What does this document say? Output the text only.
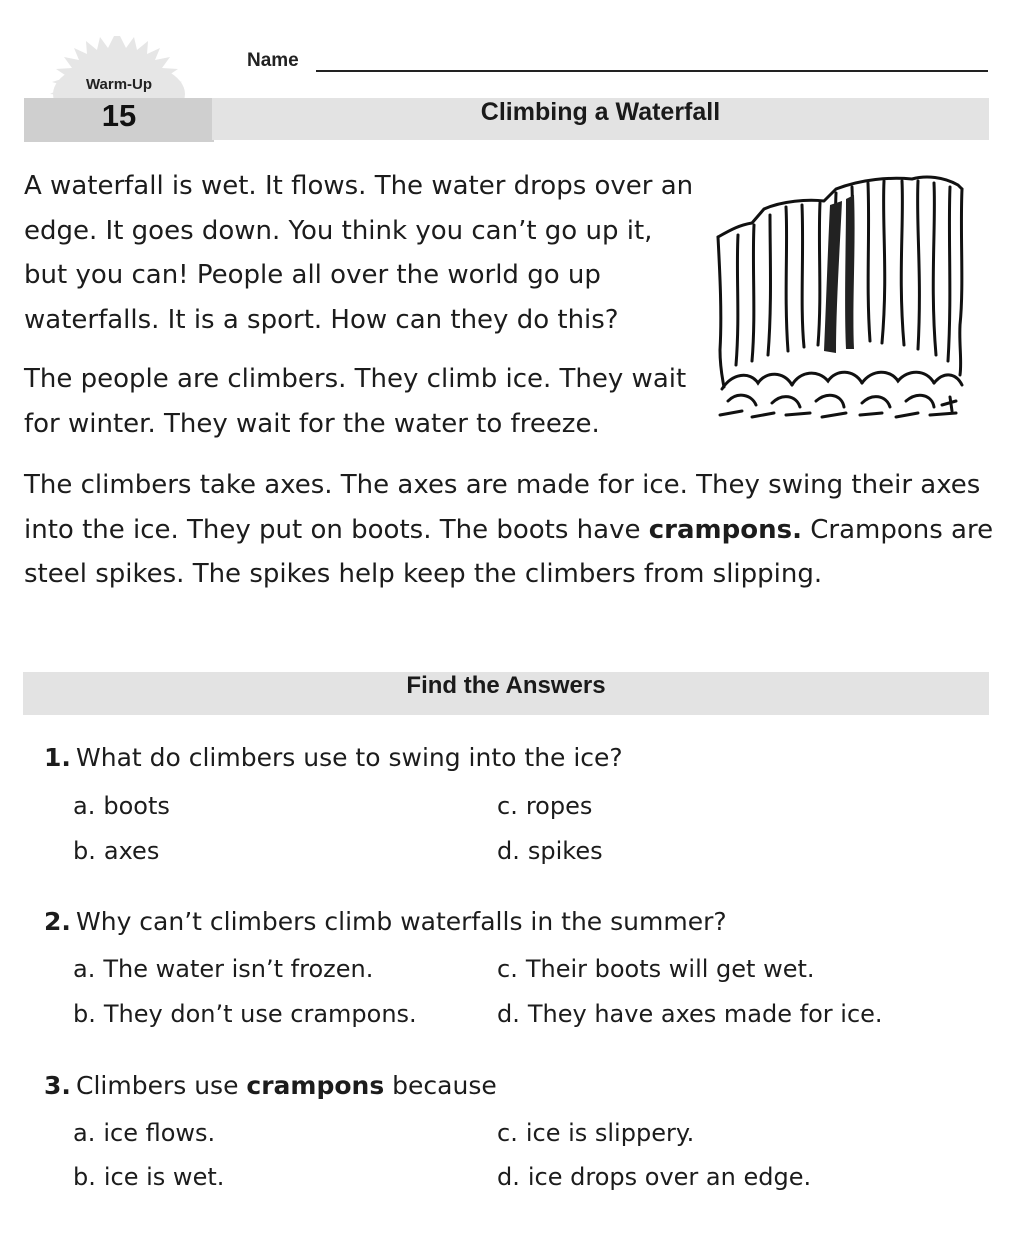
Warm-Up
15
Name
Climbing a Waterfall
A waterfall is wet. It flows. The water drops over an edge. It goes down. You think you can’t go up it, but you can! People all over the world go up waterfalls. It is a sport. How can they do this?
The people are climbers. They climb ice. They wait for winter. They wait for the water to freeze.
The climbers take axes. The axes are made for ice. They swing their axes into the ice. They put on boots. The boots have crampons. Crampons are steel spikes. The spikes help keep the climbers from slipping.
Find the Answers
1. What do climbers use to swing into the ice?
a. boots
b. axes
c. ropes
d. spikes
2. Why can’t climbers climb waterfalls in the summer?
a. The water isn’t frozen.
b. They don’t use crampons.
c. Their boots will get wet.
d. They have axes made for ice.
3. Climbers use crampons because
a. ice flows.
b. ice is wet.
c. ice is slippery.
d. ice drops over an edge.
